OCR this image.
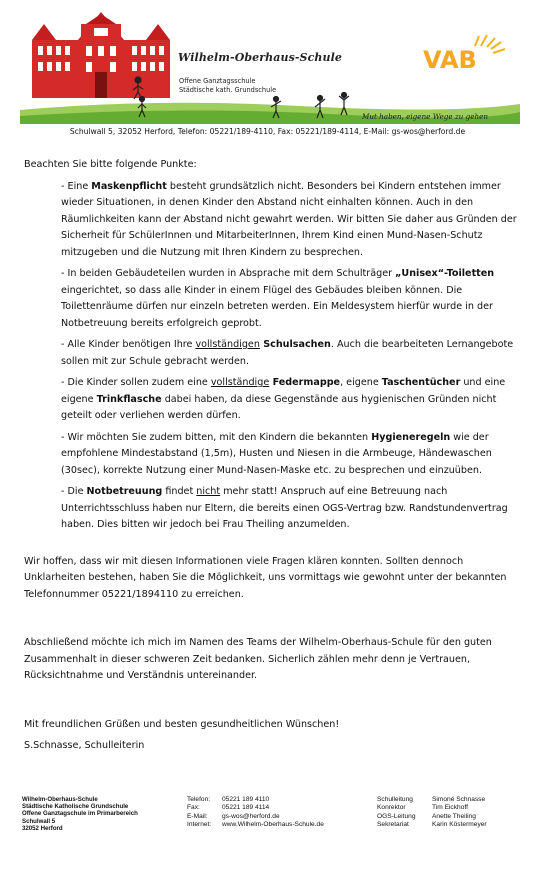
Wilhelm-Oberhaus-Schule
Offene Ganztagsschule
Städtische kath. Grundschule
VAB
Mut haben, eigene Wege zu gehen
Schulwall 5, 32052 Herford, Telefon: 05221/189-4110, Fax: 05221/189-4114, E-Mail: gs-wos@herford.de

Beachten Sie bitte folgende Punkte:

- Eine Maskenpflicht besteht grundsätzlich nicht. Besonders bei Kindern entstehen immer wieder Situationen, in denen Kinder den Abstand nicht einhalten können. Auch in den Räumlichkeiten kann der Abstand nicht gewahrt werden. Wir bitten Sie daher aus Gründen der Sicherheit für SchülerInnen und MitarbeiterInnen, Ihrem Kind einen Mund-Nasen-Schutz mitzugeben und die Nutzung mit Ihren Kindern zu besprechen.

- In beiden Gebäudeteilen wurden in Absprache mit dem Schulträger „Unisex“-Toiletten eingerichtet, so dass alle Kinder in einem Flügel des Gebäudes bleiben können. Die Toilettenräume dürfen nur einzeln betreten werden. Ein Meldesystem hierfür wurde in der Notbetreuung bereits erfolgreich geprobt.

- Alle Kinder benötigen Ihre vollständigen Schulsachen. Auch die bearbeiteten Lernangebote sollen mit zur Schule gebracht werden.

- Die Kinder sollen zudem eine vollständige Federmappe, eigene Taschentücher und eine eigene Trinkflasche dabei haben, da diese Gegenstände aus hygienischen Gründen nicht geteilt oder verliehen werden dürfen.

- Wir möchten Sie zudem bitten, mit den Kindern die bekannten Hygieneregeln wie der empfohlene Mindestabstand (1,5m), Husten und Niesen in die Armbeuge, Händewaschen (30sec), korrekte Nutzung einer Mund-Nasen-Maske etc. zu besprechen und einzuüben.

- Die Notbetreuung findet nicht mehr statt! Anspruch auf eine Betreuung nach Unterrichtsschluss haben nur Eltern, die bereits einen OGS-Vertrag bzw. Randstundenvertrag haben. Dies bitten wir jedoch bei Frau Theiling anzumelden.

Wir hoffen, dass wir mit diesen Informationen viele Fragen klären konnten. Sollten dennoch Unklarheiten bestehen, haben Sie die Möglichkeit, uns vormittags wie gewohnt unter der bekannten Telefonnummer 05221/1894110 zu erreichen.

Abschließend möchte ich mich im Namen des Teams der Wilhelm-Oberhaus-Schule für den guten Zusammenhalt in dieser schweren Zeit bedanken. Sicherlich zählen mehr denn je Vertrauen, Rücksichtnahme und Verständnis untereinander.

Mit freundlichen Grüßen und besten gesundheitlichen Wünschen!

S.Schnasse, Schulleiterin

Wilhelm-Oberhaus-Schule
Städtische Katholische Grundschule
Offene Ganztagschule im Primarbereich
Schulwall 5
32052 Herford
Telefon:	05221 189 4110
Fax:	05221 189 4114
E-Mail:	gs-wos@herford.de
Internet:	www.Wilhelm-Oberhaus-Schule.de
Schulleitung	Simoné Schnasse
Konrektor	Tim Eickhoff
OGS-Leitung	Anette Theiling
Sekretariat	Karin Köstermeyer
